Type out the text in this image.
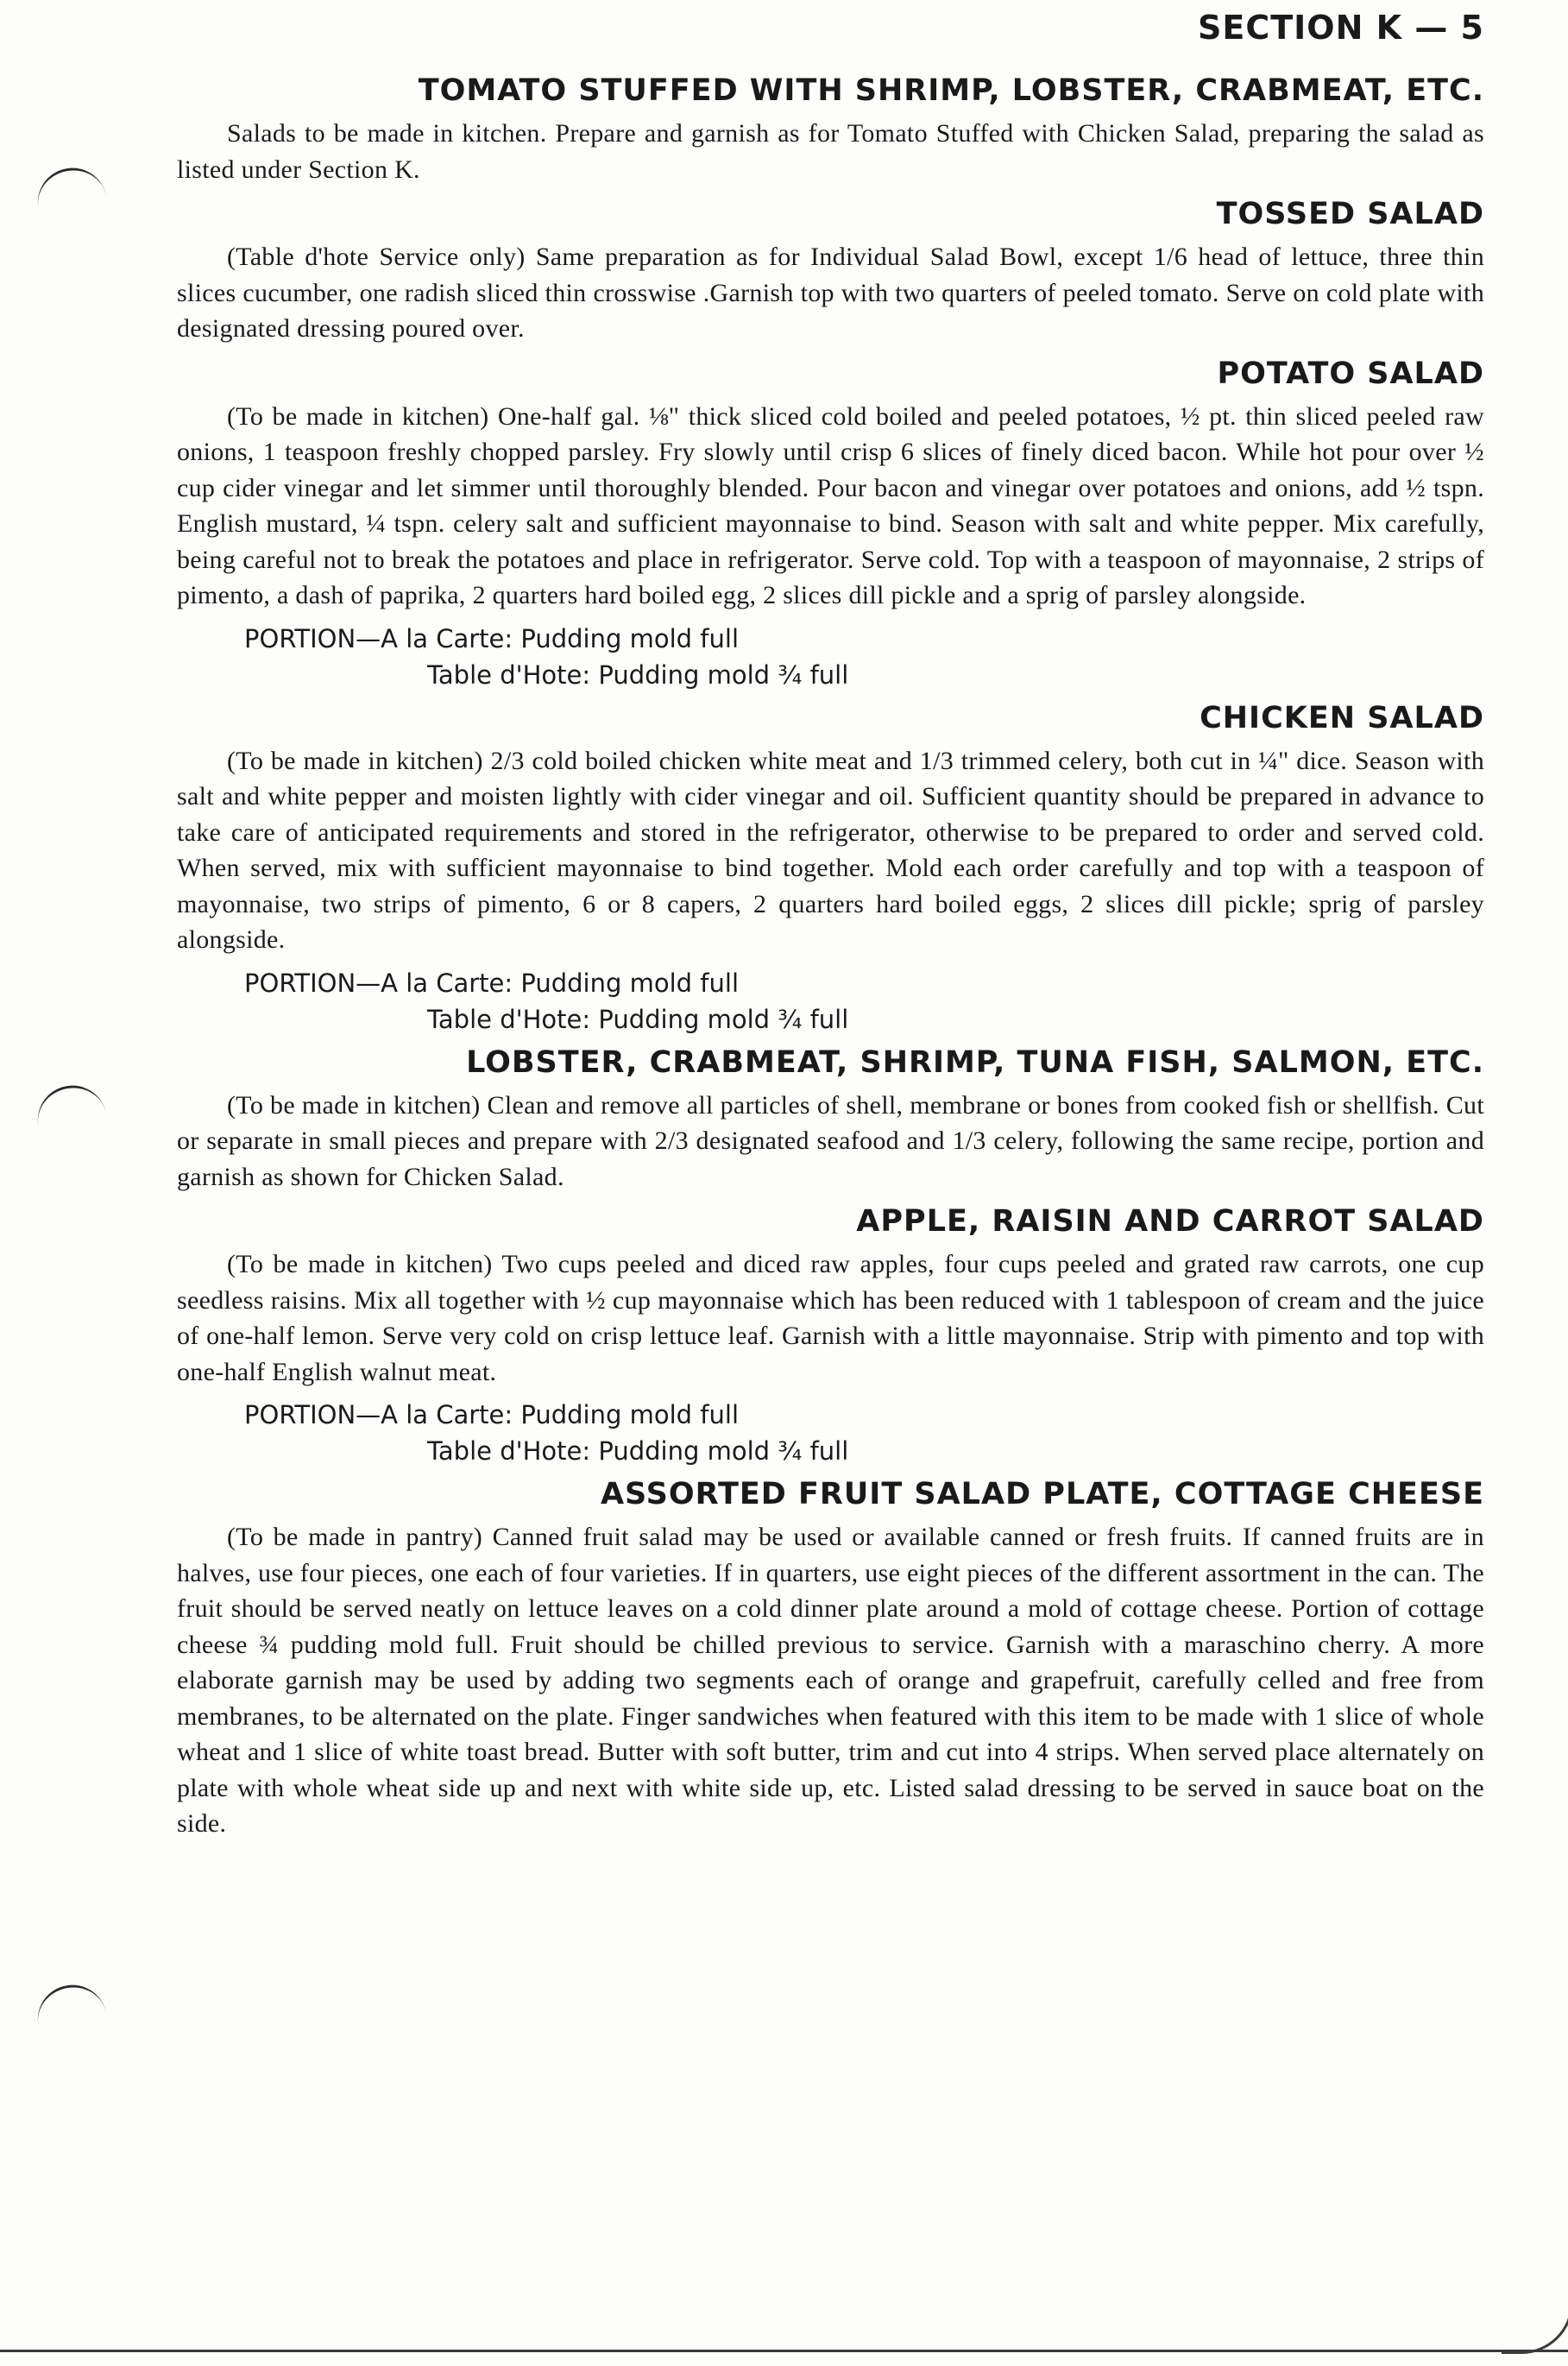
SECTION K — 5
TOMATO STUFFED WITH SHRIMP, LOBSTER, CRABMEAT, ETC.

Salads to be made in kitchen. Prepare and garnish as for Tomato Stuffed with Chicken Salad, preparing the salad as listed under Section K.

TOSSED SALAD

(Table d'hote Service only) Same preparation as for Individual Salad Bowl, except 1/6 head of lettuce, three thin slices cucumber, one radish sliced thin crosswise .Garnish top with two quarters of peeled tomato. Serve on cold plate with designated dressing poured over.

POTATO SALAD

(To be made in kitchen) One-half gal. ⅛" thick sliced cold boiled and peeled potatoes, ½ pt. thin sliced peeled raw onions, 1 teaspoon freshly chopped parsley. Fry slowly until crisp 6 slices of finely diced bacon. While hot pour over ½ cup cider vinegar and let simmer until thoroughly blended. Pour bacon and vinegar over potatoes and onions, add ½ tspn. English mustard, ¼ tspn. celery salt and sufficient mayonnaise to bind. Season with salt and white pepper. Mix carefully, being careful not to break the potatoes and place in refrigerator. Serve cold. Top with a teaspoon of mayonnaise, 2 strips of pimento, a dash of paprika, 2 quarters hard boiled egg, 2 slices dill pickle and a sprig of parsley alongside.

PORTION—A la Carte: Pudding mold full
Table d'Hote: Pudding mold ¾ full
CHICKEN SALAD

(To be made in kitchen) 2/3 cold boiled chicken white meat and 1/3 trimmed celery, both cut in ¼" dice. Season with salt and white pepper and moisten lightly with cider vinegar and oil. Sufficient quantity should be prepared in advance to take care of anticipated requirements and stored in the refrigerator, otherwise to be prepared to order and served cold. When served, mix with sufficient mayonnaise to bind together. Mold each order carefully and top with a teaspoon of mayonnaise, two strips of pimento, 6 or 8 capers, 2 quarters hard boiled eggs, 2 slices dill pickle; sprig of parsley alongside.

PORTION—A la Carte: Pudding mold full
Table d'Hote: Pudding mold ¾ full
LOBSTER, CRABMEAT, SHRIMP, TUNA FISH, SALMON, ETC.

(To be made in kitchen) Clean and remove all particles of shell, membrane or bones from cooked fish or shellfish. Cut or separate in small pieces and prepare with 2/3 designated seafood and 1/3 celery, following the same recipe, portion and garnish as shown for Chicken Salad.

APPLE, RAISIN AND CARROT SALAD

(To be made in kitchen) Two cups peeled and diced raw apples, four cups peeled and grated raw carrots, one cup seedless raisins. Mix all together with ½ cup mayonnaise which has been reduced with 1 tablespoon of cream and the juice of one-half lemon. Serve very cold on crisp lettuce leaf. Garnish with a little mayonnaise. Strip with pimento and top with one-half English walnut meat.

PORTION—A la Carte: Pudding mold full
Table d'Hote: Pudding mold ¾ full
ASSORTED FRUIT SALAD PLATE, COTTAGE CHEESE

(To be made in pantry) Canned fruit salad may be used or available canned or fresh fruits. If canned fruits are in halves, use four pieces, one each of four varieties. If in quarters, use eight pieces of the different assortment in the can. The fruit should be served neatly on lettuce leaves on a cold dinner plate around a mold of cottage cheese. Portion of cottage cheese ¾ pudding mold full. Fruit should be chilled previous to service. Garnish with a maraschino cherry. A more elaborate garnish may be used by adding two segments each of orange and grapefruit, carefully celled and free from membranes, to be alternated on the plate. Finger sandwiches when featured with this item to be made with 1 slice of whole wheat and 1 slice of white toast bread. Butter with soft butter, trim and cut into 4 strips. When served place alternately on plate with whole wheat side up and next with white side up, etc. Listed salad dressing to be served in sauce boat on the side.
